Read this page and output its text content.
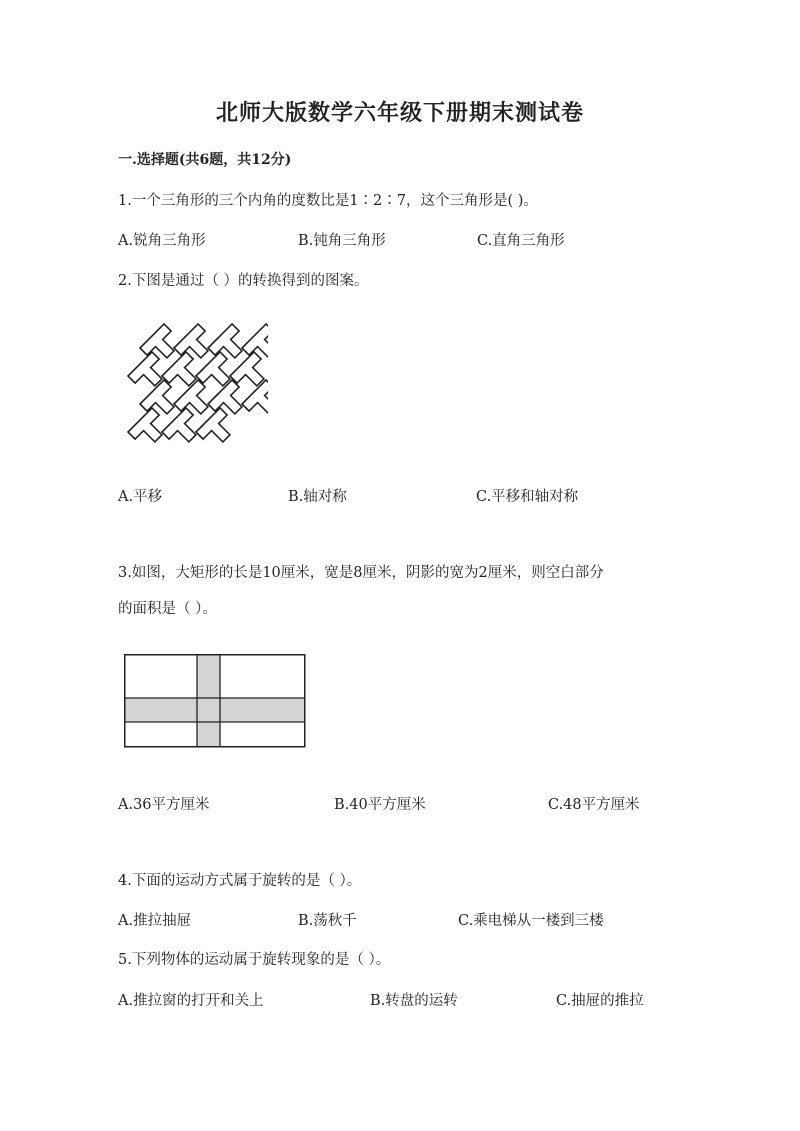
北师大版数学六年级下册期末测试卷
一.选择题(共6题，共12分)
1.一个三角形的三个内角的度数比是1∶2∶7，这个三角形是( )。
A.锐角三角形	B.钝角三角形	C.直角三角形
2.下图是通过（ ）的转换得到的图案。
A.平移	B.轴对称	C.平移和轴对称
3.如图，大矩形的长是10厘米，宽是8厘米，阴影的宽为2厘米，则空白部分
的面积是（ ）。
A.36平方厘米	B.40平方厘米	C.48平方厘米
4.下面的运动方式属于旋转的是（ ）。
A.推拉抽屉	B.荡秋千	C.乘电梯从一楼到三楼
5.下列物体的运动属于旋转现象的是（ ）。
A.推拉窗的打开和关上	B.转盘的运转	C.抽屉的推拉
